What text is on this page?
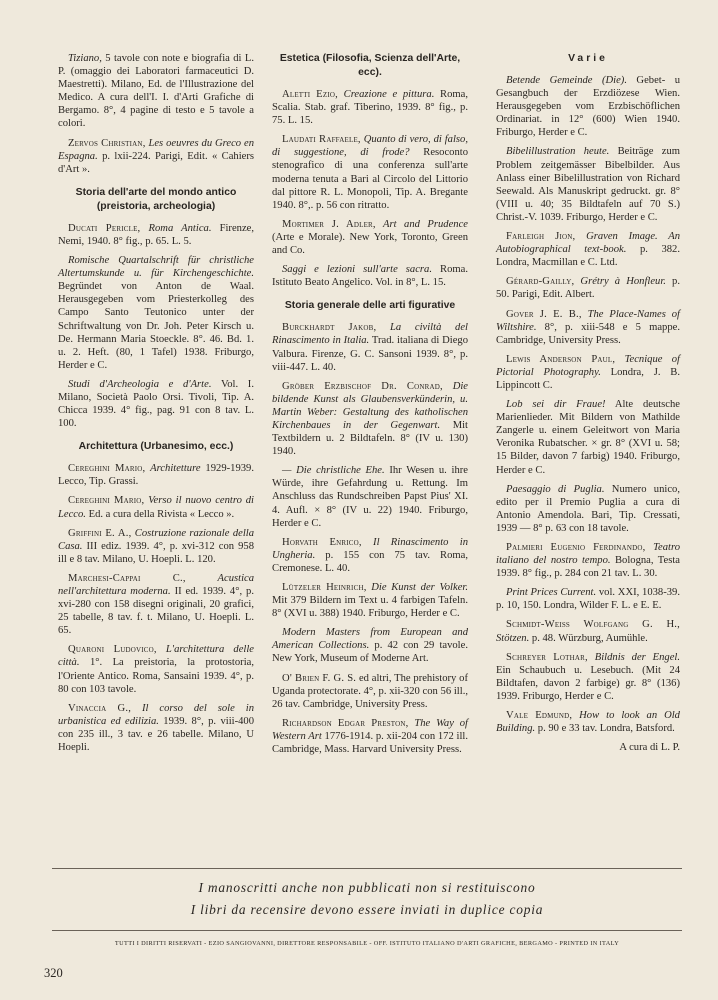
Tiziano, 5 tavole con note e biografia di L. P. (omaggio dei Laboratori farmaceutici D. Maestretti). Milano, Ed. de l'Illustrazione del Medico. A cura dell'I. I. d'Arti Grafiche di Bergamo. 8°, 4 pagine di testo e 5 tavole a colori.

Zervos Christian, Les oeuvres du Greco en Espagna. p. lxii-224. Parigi, Edit. « Cahiers d'Art ».

Storia dell'arte del mondo antico (preistoria, archeologia)

Ducati Pericle, Roma Antica. Firenze, Nemi, 1940. 8° fig., p. 65. L. 5.

Romische Quartalschrift für christliche Altertumskunde u. für Kirchengeschichte. Begründet von Anton de Waal. Herausgegeben vom Priesterkolleg des Campo Santo Teutonico unter der Schriftwaltung von Dr. Joh. Peter Kirsch u. De. Hermann Maria Stoeckle. 8°. 46. Bd. 1. u. 2. Heft. (80, 1 Tafel) 1938. Friburgo, Herder e C.

Studi d'Archeologia e d'Arte. Vol. I. Milano, Società Paolo Orsi. Tivoli, Tip. A. Chicca 1939. 4° fig., pag. 91 con 8 tav. L. 100.

Architettura (Urbanesimo, ecc.)

Cereghini Mario, Architetture 1929-1939. Lecco, Tip. Grassi.

Cereghini Mario, Verso il nuovo centro di Lecco. Ed. a cura della Rivista « Lecco ».

Griffini E. A., Costruzione razionale della Casa. III ediz. 1939. 4°, p. xvi-312 con 958 ill e 8 tav. Milano, U. Hoepli. L. 120.

Marchesi-Cappai C., Acustica nell'architettura moderna. II ed. 1939. 4°, p. xvi-280 con 158 disegni originali, 20 grafici, 25 tabelle, 8 tav. f. t. Milano, U. Hoepli. L. 65.

Quaroni Ludovico, L'architettura delle città. 1°. La preistoria, la protostoria, l'Oriente Antico. Roma, Sansaini 1939. 4°, p. 80 con 103 tavole.

Vinaccia G., Il corso del sole in urbanistica ed edilizia. 1939. 8°, p. viii-400 con 235 ill., 3 tav. e 26 tabelle. Milano, U Hoepli.

Estetica (Filosofia, Scienza dell'Arte, ecc).

Aletti Ezio, Creazione e pittura. Roma, Scalia. Stab. graf. Tiberino, 1939. 8° fig., p. 75. L. 15.

Laudati Raffaele, Quanto di vero, di falso, di suggestione, di frode? Resoconto stenografico di una conferenza sull'arte moderna tenuta a Bari al Circolo del Littorio dal pittore R. L. Monopoli, Tip. A. Bregante 1940. 8°,. p. 56 con ritratto.

Mortimer J. Adler, Art and Prudence (Arte e Morale). New York, Toronto, Green and Co.

Saggi e lezioni sull'arte sacra. Roma. Istituto Beato Angelico. Vol. in 8°, L. 15.

Storia generale delle arti figurative

Burckhardt Jakob, La civiltà del Rinascimento in Italia. Trad. italiana di Diego Valbura. Firenze, G. C. Sansoni 1939. 8°, p. viii-447. L. 40.

Gröber Erzbischof Dr. Conrad, Die bildende Kunst als Glaubensverkünderin, u. Martin Weber: Gestaltung des katholischen Kirchenbaues in der Gegenwart. Mit Textbildern u. 2 Bildtafeln. 8° (IV u. 130) 1940.

— Die christliche Ehe. Ihr Wesen u. ihre Würde, ihre Gefahrdung u. Rettung. Im Anschluss das Rundschreiben Papst Pius' XI. 4. Aufl. × 8° (IV u. 22) 1940. Friburgo, Herder e C.

Horvath Enrico, Il Rinascimento in Ungheria. p. 155 con 75 tav. Roma, Cremonese. L. 40.

Lützeler Heinrich, Die Kunst der Volker. Mit 379 Bildern im Text u. 4 farbigen Tafeln. 8° (XVI u. 388) 1940. Friburgo, Herder e C.

Modern Masters from European and American Collections. p. 42 con 29 tavole. New York, Museum of Moderne Art.

O' Brien F. G. S. ed altri, The prehistory of Uganda protectorate. 4°, p. xii-320 con 56 ill., 26 tav. Cambridge, University Press.

Richardson Edgar Preston, The Way of Western Art 1776-1914. p. xii-204 con 172 ill. Cambridge, Mass. Harvard University Press.

Varie

Betende Gemeinde (Die). Gebet- u Gesangbuch der Erzdiözese Wien. Herausgegeben vom Erzbischöflichen Ordinariat. in 12° (600) Wien 1940. Friburgo, Herder e C.

Bibelillustration heute. Beiträge zum Problem zeitgemässer Bibelbilder. Aus Anlass einer Bibelillustration von Richard Seewald. Als Manuskript gedruckt. gr. 8° (VIII u. 40; 35 Bildtafeln auf 70 S.) Christ.-V. 1039. Friburgo, Herder e C.

Farleigh Jion, Graven Image. An Autobiographical text-book. p. 382. Londra, Macmillan e C. Ltd.

Gérard-Gailly, Grétry à Honfleur. p. 50. Parigi, Edit. Albert.

Gover J. E. B., The Place-Names of Wiltshire. 8°, p. xiii-548 e 5 mappe. Cambridge, University Press.

Lewis Anderson Paul, Tecnique of Pictorial Photography. Londra, J. B. Lippincott C.

Lob sei dir Fraue! Alte deutsche Marienlieder. Mit Bildern von Mathilde Zangerle u. einem Geleitwort von Maria Veronika Rubatscher. × gr. 8° (XVI u. 58; 15 Bilder, davon 7 farbig) 1940. Friburgo, Herder e C.

Paesaggio di Puglia. Numero unico, edito per il Premio Puglia a cura di Antonio Amendola. Bari, Tip. Cressati, 1939 — 8° p. 63 con 18 tavole.

Palmieri Eugenio Ferdinando, Teatro italiano del nostro tempo. Bologna, Testa 1939. 8° fig., p. 284 con 21 tav. L. 30.

Print Prices Current. vol. XXI, 1038-39. p. 10, 150. Londra, Wilder F. L. e E. E.

Schmidt-Weiss Wolfgang G. H., Stötzen. p. 48. Würzburg, Aumühle.

Schreyer Lothar, Bildnis der Engel. Ein Schaubuch u. Lesebuch. (Mit 24 Bildtafen, davon 2 farbige) gr. 8° (136) 1939. Friburgo, Herder e C.

Vale Edmund, How to look an Old Building. p. 90 e 33 tav. Londra, Batsford.

A cura di L. P.
I manoscritti anche non pubblicati non si restituiscono
I libri da recensire devono essere inviati in duplice copia
TUTTI I DIRITTI RISERVATI - EZIO SANGIOVANNI, DIRETTORE RESPONSABILE - OFF. ISTITUTO ITALIANO D'ARTI GRAFICHE, BERGAMO - PRINTED IN ITALY
320
